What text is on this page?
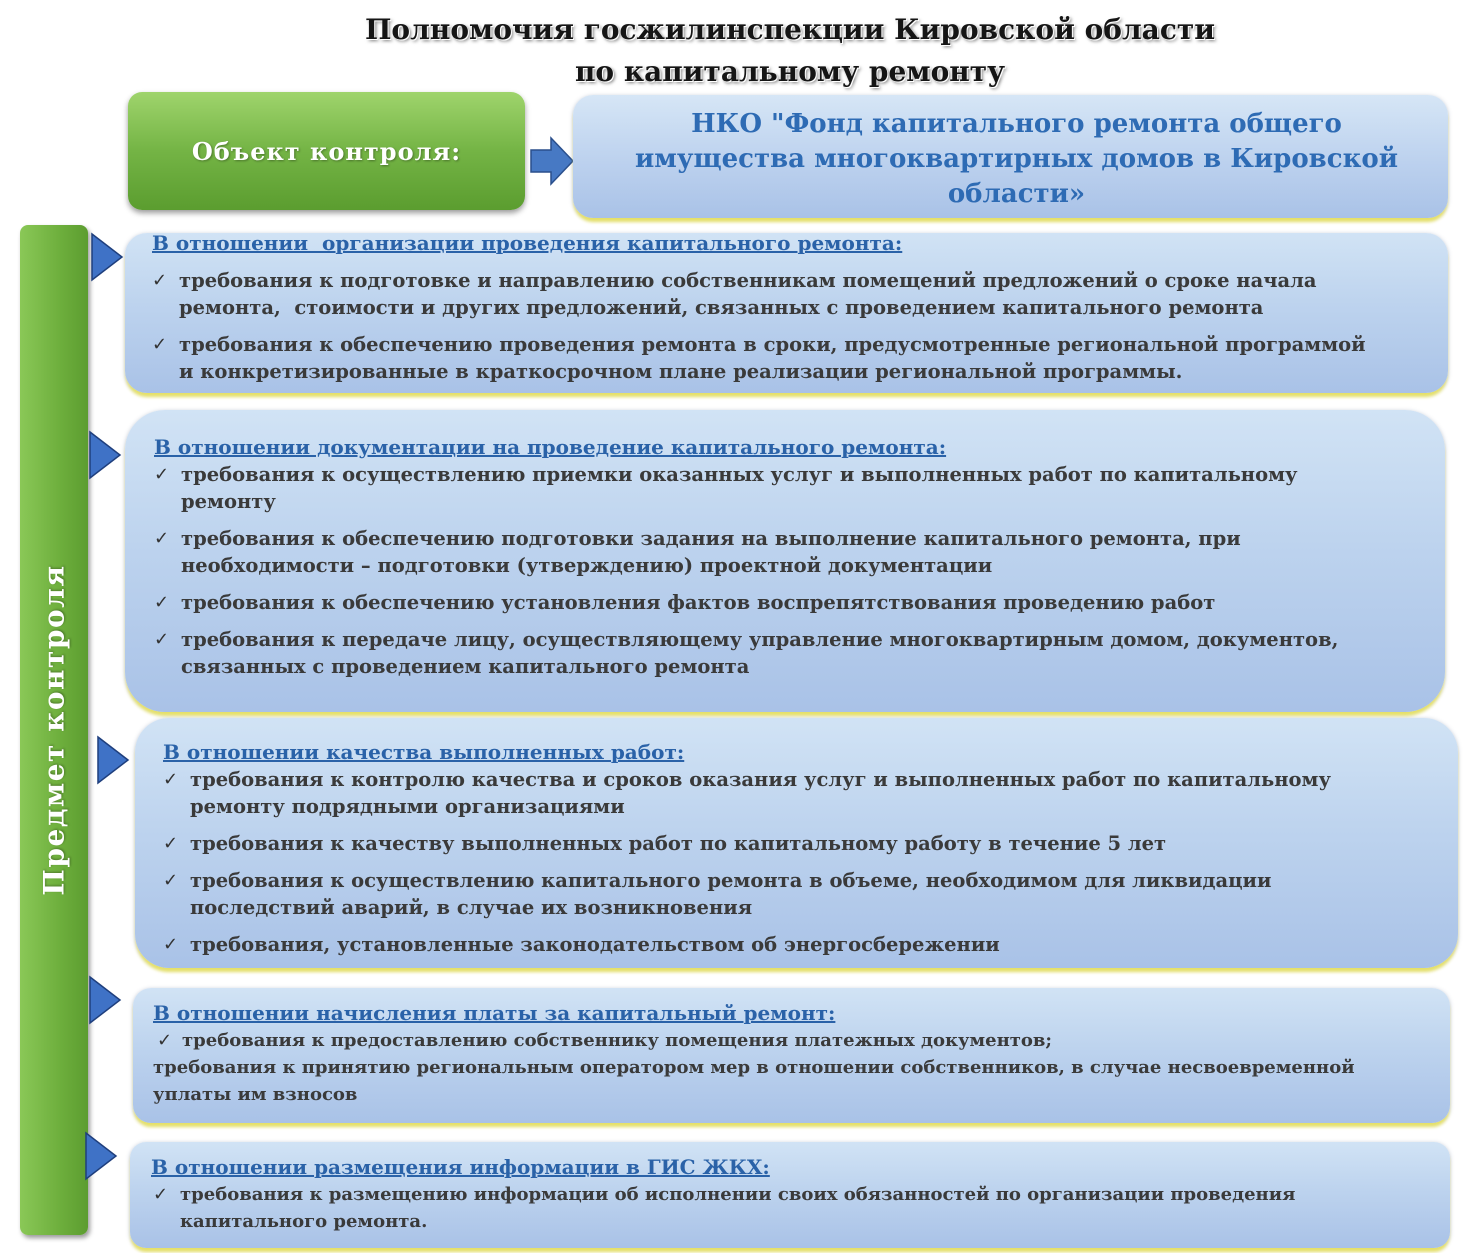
Полномочия госжилинспекции Кировской области
по капитальному ремонту
Объект контроля:
НКО "Фонд капитального ремонта общего
имущества многоквартирных домов в Кировской
области»
Предмет контроля
В отношении  организации проведения капитального ремонта:
✓
требования к подготовке и направлению собственникам помещений предложений о сроке начала
ремонта,  стоимости и других предложений, связанных с проведением капитального ремонта
✓
требования к обеспечению проведения ремонта в сроки, предусмотренные региональной программой
и конкретизированные в краткосрочном плане реализации региональной программы.
В отношении документации на проведение капитального ремонта:
✓
требования к осуществлению приемки оказанных услуг и выполненных работ по капитальному
ремонту
✓
требования к обеспечению подготовки задания на выполнение капитального ремонта, при
необходимости – подготовки (утверждению) проектной документации
✓
требования к обеспечению установления фактов воспрепятствования проведению работ
✓
требования к передаче лицу, осуществляющему управление многоквартирным домом, документов,
связанных с проведением капитального ремонта
В отношении качества выполненных работ:
✓
требования к контролю качества и сроков оказания услуг и выполненных работ по капитальному
ремонту подрядными организациями
✓
требования к качеству выполненных работ по капитальному работу в течение 5 лет
✓
требования к осуществлению капитального ремонта в объеме, необходимом для ликвидации
последствий аварий, в случае их возникновения
✓
требования, установленные законодательством об энергосбережении
В отношении начисления платы за капитальный ремонт:
✓
требования к предоставлению собственнику помещения платежных документов;
требования к принятию региональным оператором мер в отношении собственников, в случае несвоевременной
уплаты им взносов
В отношении размещения информации в ГИС ЖКХ:
✓
требования к размещению информации об исполнении своих обязанностей по организации проведения
капитального ремонта.
